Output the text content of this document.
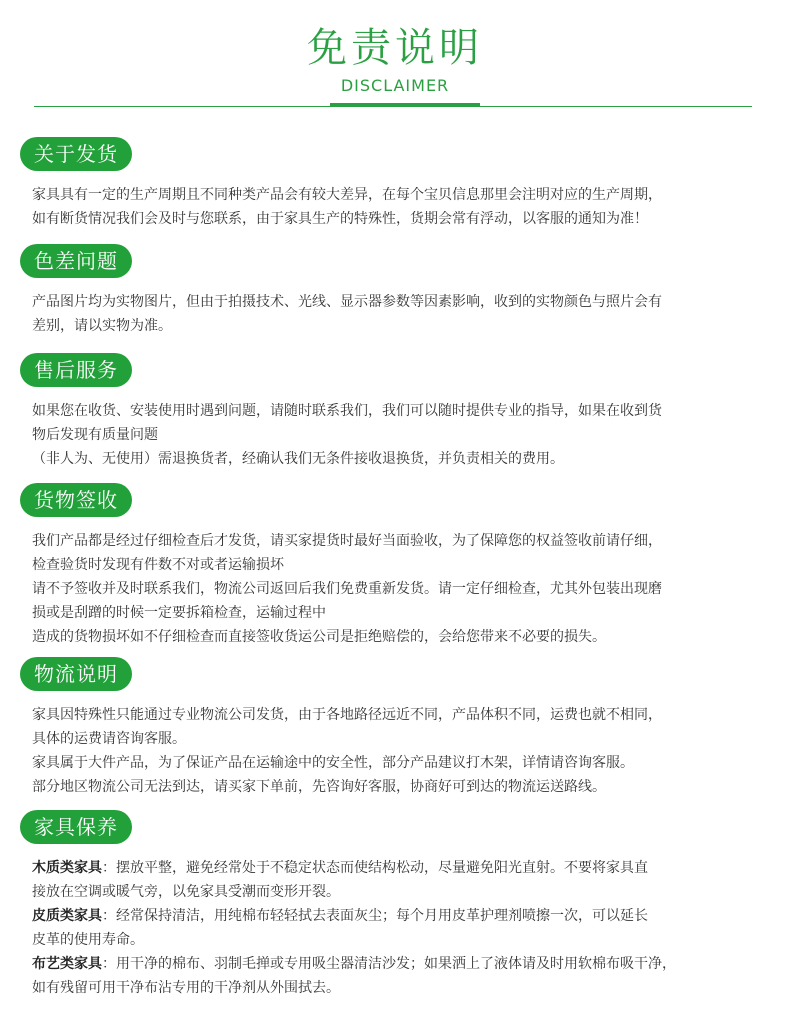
免责说明
DISCLAIMER
关于发货
家具具有一定的生产周期且不同种类产品会有较大差异，在每个宝贝信息那里会注明对应的生产周期，
如有断货情况我们会及时与您联系，由于家具生产的特殊性，货期会常有浮动，以客服的通知为准！
色差问题
产品图片均为实物图片，但由于拍摄技术、光线、显示器参数等因素影响，收到的实物颜色与照片会有
差别，请以实物为准。
售后服务
如果您在收货、安装使用时遇到问题，请随时联系我们，我们可以随时提供专业的指导，如果在收到货
物后发现有质量问题
（非人为、无使用）需退换货者，经确认我们无条件接收退换货，并负责相关的费用。
货物签收
我们产品都是经过仔细检查后才发货，请买家提货时最好当面验收，为了保障您的权益签收前请仔细，
检查验货时发现有件数不对或者运输损坏
请不予签收并及时联系我们，物流公司返回后我们免费重新发货。请一定仔细检查，尤其外包装出现磨
损或是刮蹭的时候一定要拆箱检查，运输过程中
造成的货物损坏如不仔细检查而直接签收货运公司是拒绝赔偿的，会给您带来不必要的损失。
物流说明
家具因特殊性只能通过专业物流公司发货，由于各地路径远近不同，产品体积不同，运费也就不相同，
具体的运费请咨询客服。
家具属于大件产品，为了保证产品在运输途中的安全性，部分产品建议打木架，详情请咨询客服。
部分地区物流公司无法到达，请买家下单前，先咨询好客服，协商好可到达的物流运送路线。
家具保养
木质类家具：摆放平整，避免经常处于不稳定状态而使结构松动，尽量避免阳光直射。不要将家具直
接放在空调或暖气旁，以免家具受潮而变形开裂。
皮质类家具：经常保持清洁，用纯棉布轻轻拭去表面灰尘；每个月用皮革护理剂喷擦一次，可以延长
皮革的使用寿命。
布艺类家具：用干净的棉布、羽制毛掸或专用吸尘器清洁沙发；如果洒上了液体请及时用软棉布吸干净，
如有残留可用干净布沾专用的干净剂从外围拭去。
